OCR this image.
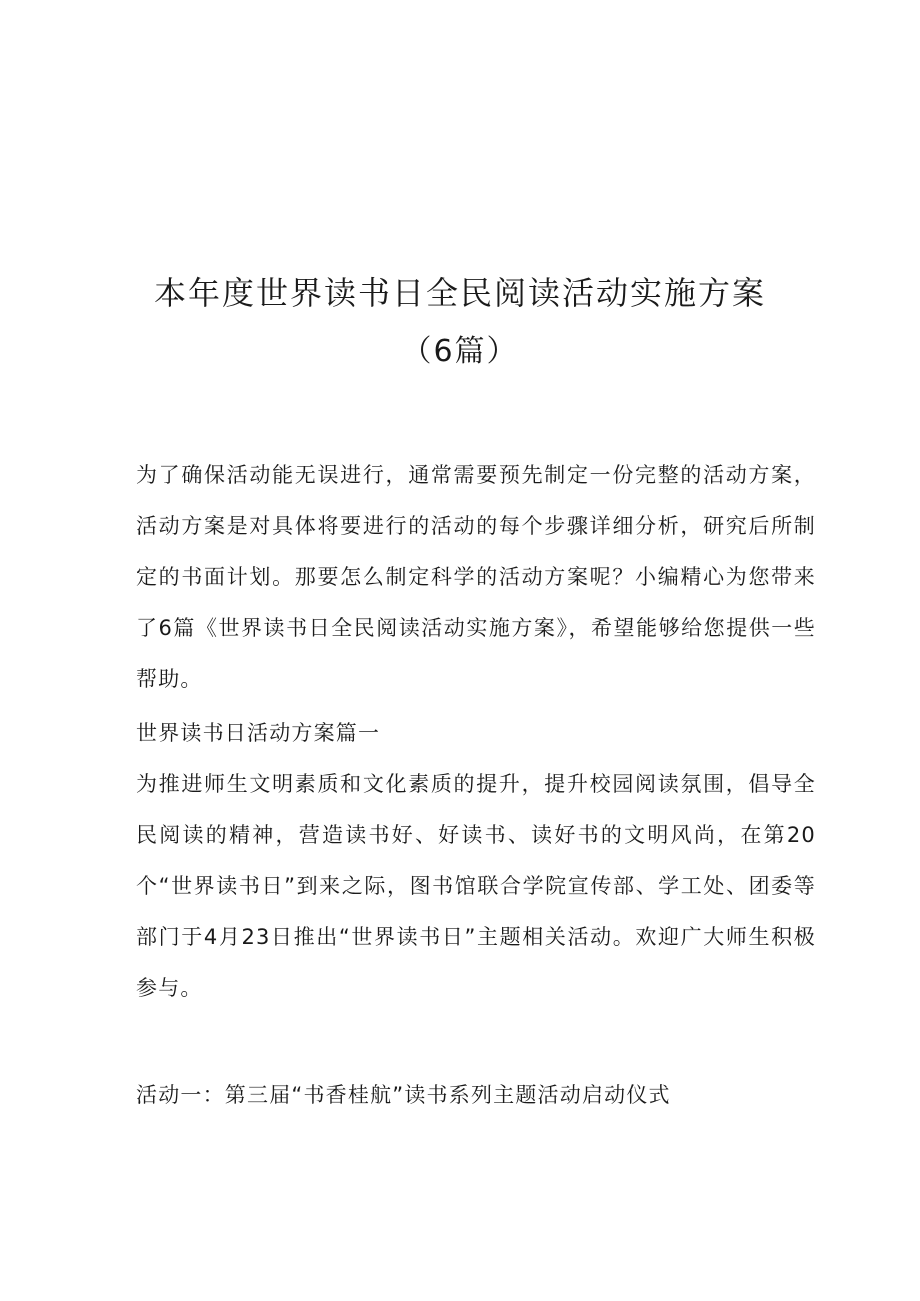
本年度世界读书日全民阅读活动实施方案
（6篇）

为了确保活动能无误进行，通常需要预先制定一份完整的活动方案，活动方案是对具体将要进行的活动的每个步骤详细分析，研究后所制定的书面计划。那要怎么制定科学的活动方案呢？小编精心为您带来了6篇《世界读书日全民阅读活动实施方案》，希望能够给您提供一些帮助。

世界读书日活动方案篇一

为推进师生文明素质和文化素质的提升，提升校园阅读氛围，倡导全民阅读的精神，营造读书好、好读书、读好书的文明风尚，在第20个“世界读书日”到来之际，图书馆联合学院宣传部、学工处、团委等部门于4月23日推出“世界读书日”主题相关活动。欢迎广大师生积极参与。

活动一：第三届“书香桂航”读书系列主题活动启动仪式
